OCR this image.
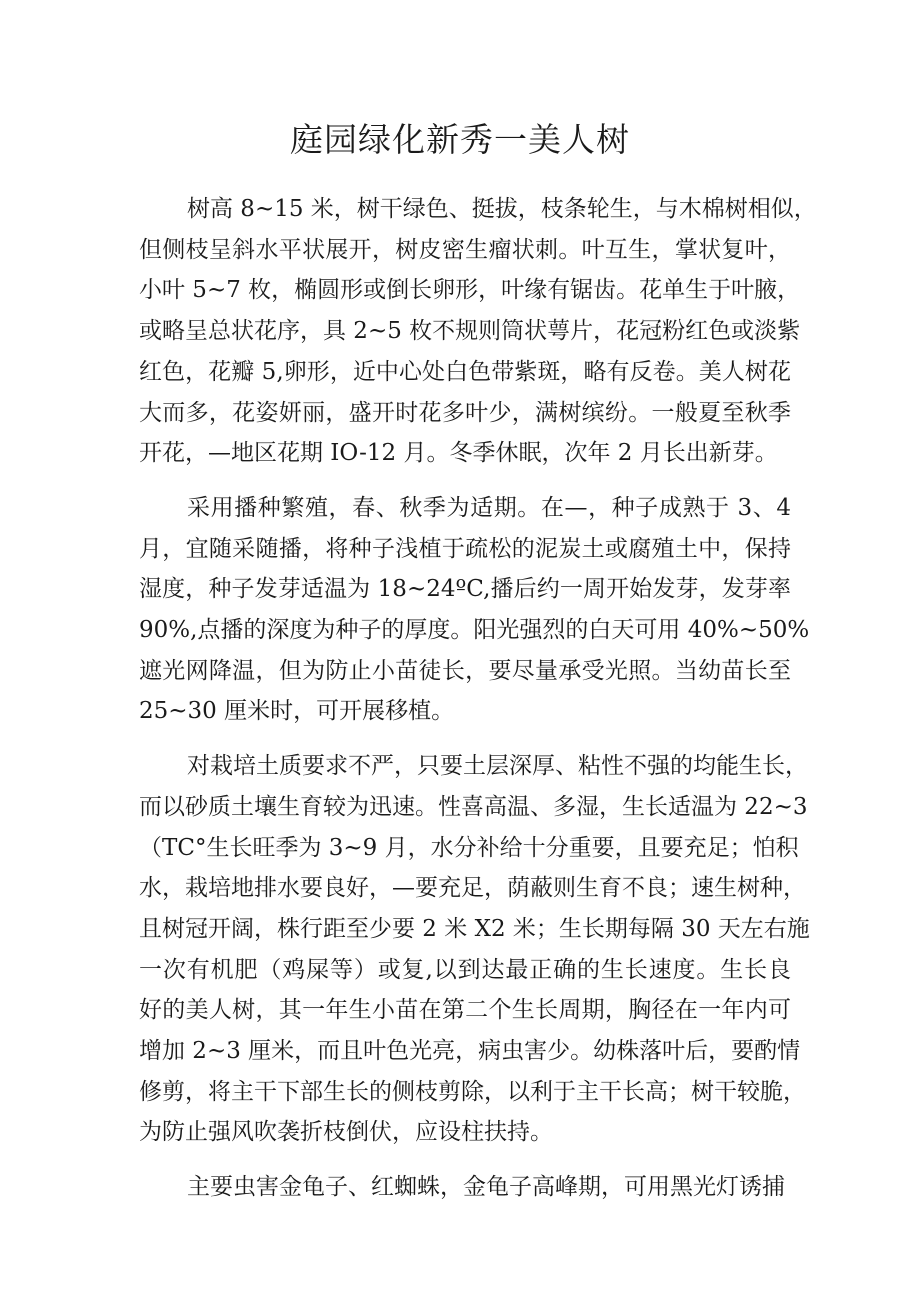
庭园绿化新秀一美人树
树高 8~15 米，树干绿色、挺拔，枝条轮生，与木棉树相似，
但侧枝呈斜水平状展开，树皮密生瘤状刺。叶互生，掌状复叶，
小叶 5~7 枚，椭圆形或倒长卵形，叶缘有锯齿。花单生于叶腋，
或略呈总状花序，具 2~5 枚不规则筒状萼片，花冠粉红色或淡紫
红色，花瓣 5,卵形，近中心处白色带紫斑，略有反卷。美人树花
大而多，花姿妍丽，盛开时花多叶少，满树缤纷。一般夏至秋季
开花，—地区花期 IO-12 月。冬季休眠，次年 2 月长出新芽。
采用播种繁殖，春、秋季为适期。在—，种子成熟于 3、4
月，宜随采随播，将种子浅植于疏松的泥炭土或腐殖土中，保持
湿度，种子发芽适温为 18~24ºC,播后约一周开始发芽，发芽率
90%,点播的深度为种子的厚度。阳光强烈的白天可用 40%~50%
遮光网降温，但为防止小苗徒长，要尽量承受光照。当幼苗长至
25~30 厘米时，可开展移植。
对栽培土质要求不严，只要土层深厚、粘性不强的均能生长，
而以砂质土壤生育较为迅速。性喜高温、多湿，生长适温为 22~3
（TC°生长旺季为 3~9 月，水分补给十分重要，且要充足；怕积
水，栽培地排水要良好，—要充足，荫蔽则生育不良；速生树种，
且树冠开阔，株行距至少要 2 米 X2 米；生长期每隔 30 天左右施
一次有机肥（鸡屎等）或复,以到达最正确的生长速度。生长良
好的美人树，其一年生小苗在第二个生长周期，胸径在一年内可
增加 2~3 厘米，而且叶色光亮，病虫害少。幼株落叶后，要酌情
修剪，将主干下部生长的侧枝剪除，以利于主干长高；树干较脆，
为防止强风吹袭折枝倒伏，应设柱扶持。
主要虫害金龟子、红蜘蛛，金龟子高峰期，可用黑光灯诱捕
